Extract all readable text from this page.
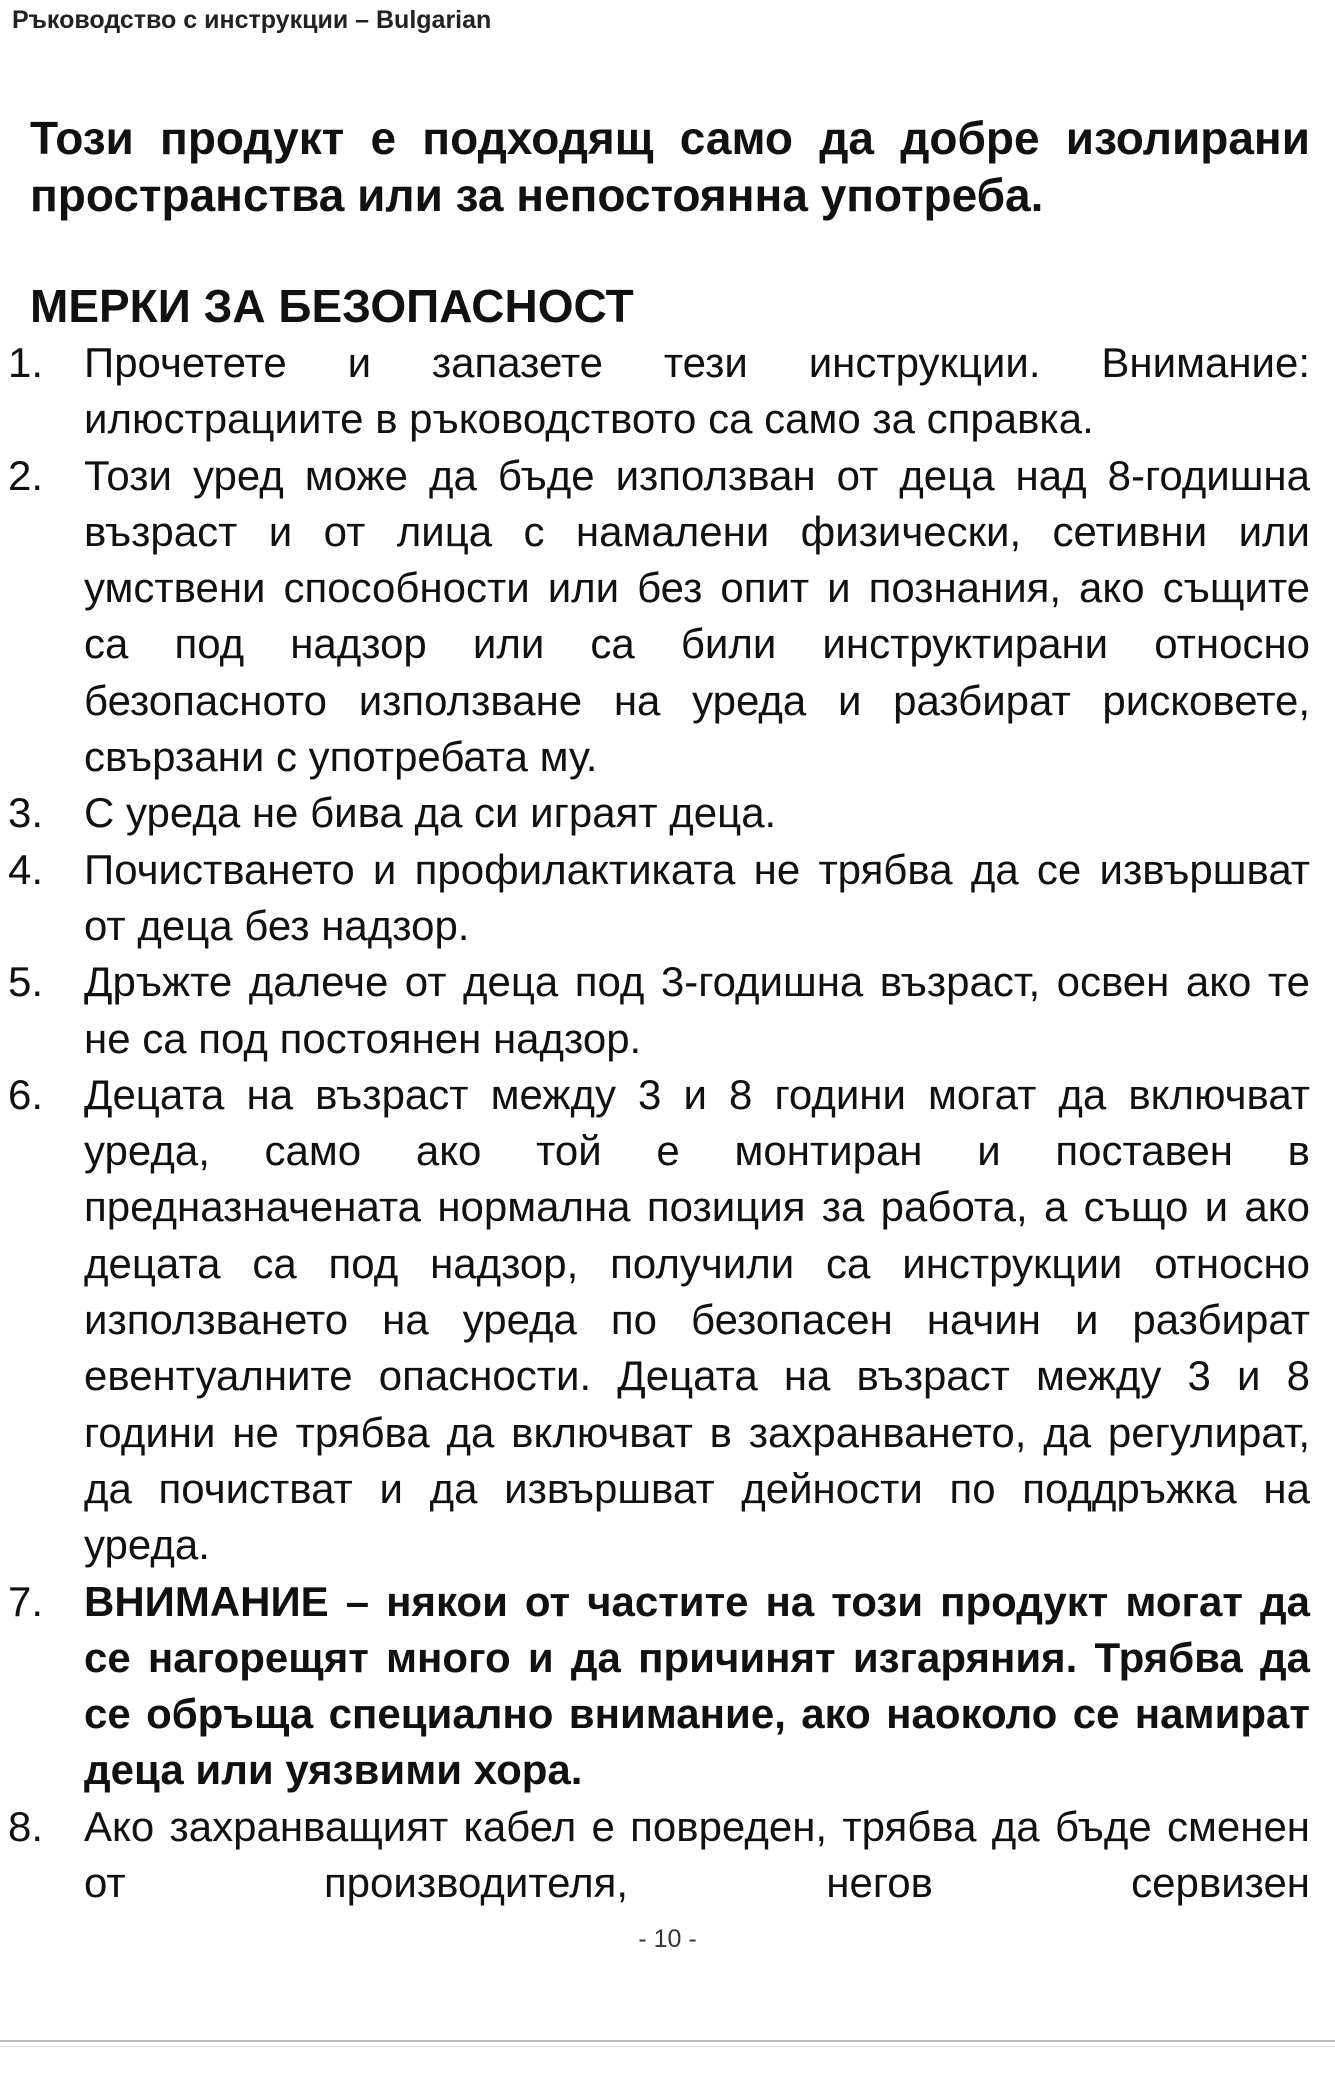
Ръководство с инструкции – Bulgarian
Този продукт е подходящ само да добре изолирани пространства или за непостоянна употреба.
МЕРКИ ЗА БЕЗОПАСНОСТ
1. Прочетете и запазете тези инструкции. Внимание: илюстрациите в ръководството са само за справка.
2. Този уред може да бъде използван от деца над 8-годишна възраст и от лица с намалени физически, сетивни или умствени способности или без опит и познания, ако същите са под надзор или са били инструктирани относно безопасното използване на уреда и разбират рисковете, свързани с употребата му.
3. С уреда не бива да си играят деца.
4. Почистването и профилактиката не трябва да се извършват от деца без надзор.
5. Дръжте далече от деца под 3-годишна възраст, освен ако те не са под постоянен надзор.
6. Децата на възраст между 3 и 8 години могат да включват уреда, само ако той е монтиран и поставен в предназначената нормална позиция за работа, а също и ако децата са под надзор, получили са инструкции относно използването на уреда по безопасен начин и разбират евентуалните опасности. Децата на възраст между 3 и 8 години не трябва да включват в захранването, да регулират, да почистват и да извършват дейности по поддръжка на уреда.
7. ВНИМАНИЕ – някои от частите на този продукт могат да се нагорещят много и да причинят изгаряния. Трябва да се обръща специално внимание, ако наоколо се намират деца или уязвими хора.
8. Ако захранващият кабел е повреден, трябва да бъде сменен от производителя, негов сервизен
- 10 -
